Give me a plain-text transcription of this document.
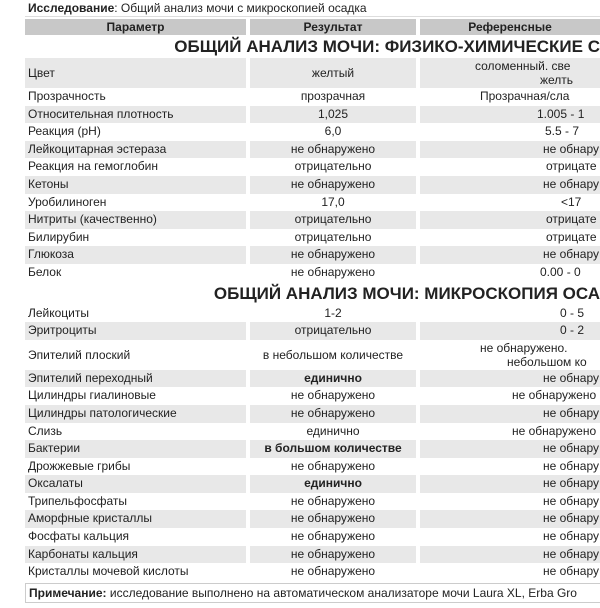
Исследование: Общий анализ мочи с микроскопией осадка
Параметр	Результат	Референсные
ОБЩИЙ АНАЛИЗ МОЧИ: ФИЗИКО-ХИМИЧЕСКИЕ С
Цвет	желтый	соломенный. све
желть
Прозрачность	прозрачная	Прозрачная/сла
Относительная плотность	1,025	1.005 - 1
Реакция (pH)	6,0	5.5 - 7
Лейкоцитарная эстераза	не обнаружено	не обнару
Реакция на гемоглобин	отрицательно	отрицате
Кетоны	не обнаружено	не обнару
Уробилиноген	17,0	<17
Нитриты (качественно)	отрицательно	отрицате
Билирубин	отрицательно	отрицате
Глюкоза	не обнаружено	не обнару
Белок	не обнаружено	0.00 - 0
ОБЩИЙ АНАЛИЗ МОЧИ: МИКРОСКОПИЯ ОСА
Лейкоциты	1-2	0 - 5
Эритроциты	отрицательно	0 - 2
Эпителий плоский	в небольшом количестве	не обнаружено.
небольшом ко
Эпителий переходный	единично	не обнару
Цилиндры гиалиновые	не обнаружено	не обнаружено
Цилиндры патологические	не обнаружено	не обнару
Слизь	единично	не обнаружено
Бактерии	в большом количестве	не обнару
Дрожжевые грибы	не обнаружено	не обнару
Оксалаты	единично	не обнару
Трипельфосфаты	не обнаружено	не обнару
Аморфные кристаллы	не обнаружено	не обнару
Фосфаты кальция	не обнаружено	не обнару
Карбонаты кальция	не обнаружено	не обнару
Кристаллы мочевой кислоты	не обнаружено	не обнару
Примечание: исследование выполнено на автоматическом анализаторе мочи Laura XL, Erba Gro
